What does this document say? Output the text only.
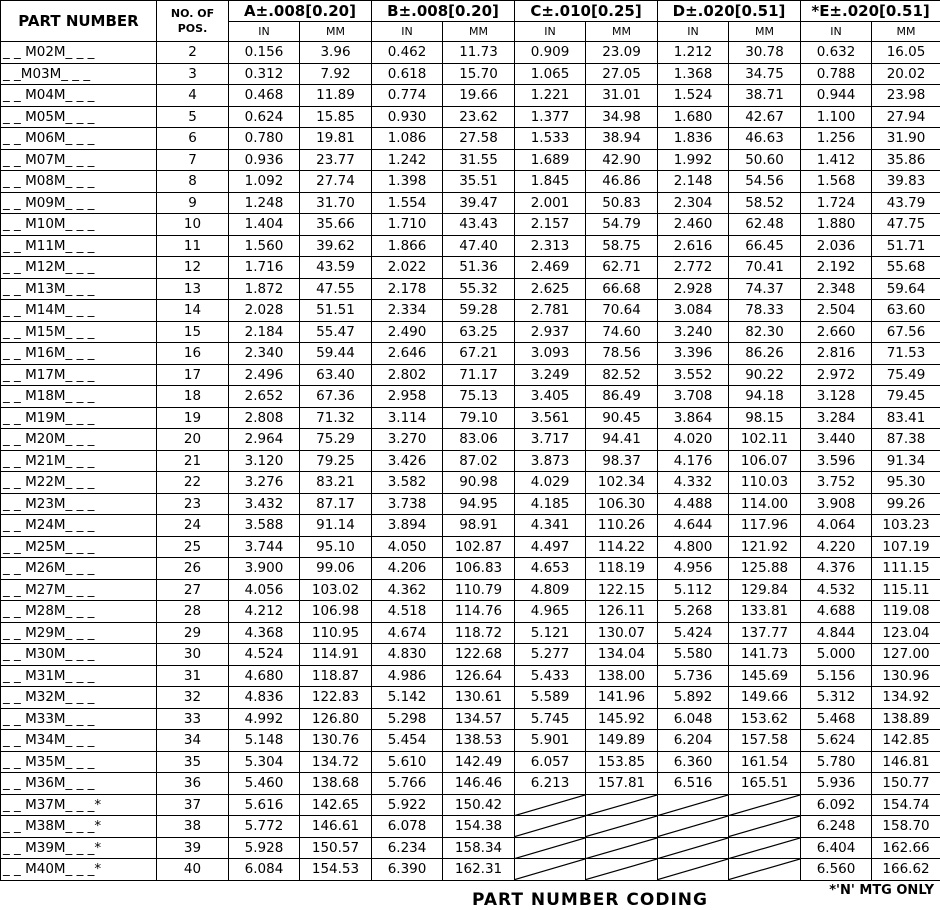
PART NUMBER	NO. OF
POS.	A±.008[0.20]		B±.008[0.20]		C±.010[0.25]		D±.020[0.51]		*E±.020[0.51]	
		IN	MM	IN	MM	IN	MM	IN	MM	IN	MM
_ _ M02M_ _ _	2	0.156	3.96	0.462	11.73	0.909	23.09	1.212	30.78	0.632	16.05
_ _M03M_ _ _	3	0.312	7.92	0.618	15.70	1.065	27.05	1.368	34.75	0.788	20.02
_ _ M04M_ _ _	4	0.468	11.89	0.774	19.66	1.221	31.01	1.524	38.71	0.944	23.98
_ _ M05M_ _ _	5	0.624	15.85	0.930	23.62	1.377	34.98	1.680	42.67	1.100	27.94
_ _ M06M_ _ _	6	0.780	19.81	1.086	27.58	1.533	38.94	1.836	46.63	1.256	31.90
_ _ M07M_ _ _	7	0.936	23.77	1.242	31.55	1.689	42.90	1.992	50.60	1.412	35.86
_ _ M08M_ _ _	8	1.092	27.74	1.398	35.51	1.845	46.86	2.148	54.56	1.568	39.83
_ _ M09M_ _ _	9	1.248	31.70	1.554	39.47	2.001	50.83	2.304	58.52	1.724	43.79
_ _ M10M_ _ _	10	1.404	35.66	1.710	43.43	2.157	54.79	2.460	62.48	1.880	47.75
_ _ M11M_ _ _	11	1.560	39.62	1.866	47.40	2.313	58.75	2.616	66.45	2.036	51.71
_ _ M12M_ _ _	12	1.716	43.59	2.022	51.36	2.469	62.71	2.772	70.41	2.192	55.68
_ _ M13M_ _ _	13	1.872	47.55	2.178	55.32	2.625	66.68	2.928	74.37	2.348	59.64
_ _ M14M_ _ _	14	2.028	51.51	2.334	59.28	2.781	70.64	3.084	78.33	2.504	63.60
_ _ M15M_ _ _	15	2.184	55.47	2.490	63.25	2.937	74.60	3.240	82.30	2.660	67.56
_ _ M16M_ _ _	16	2.340	59.44	2.646	67.21	3.093	78.56	3.396	86.26	2.816	71.53
_ _ M17M_ _ _	17	2.496	63.40	2.802	71.17	3.249	82.52	3.552	90.22	2.972	75.49
_ _ M18M_ _ _	18	2.652	67.36	2.958	75.13	3.405	86.49	3.708	94.18	3.128	79.45
_ _ M19M_ _ _	19	2.808	71.32	3.114	79.10	3.561	90.45	3.864	98.15	3.284	83.41
_ _ M20M_ _ _	20	2.964	75.29	3.270	83.06	3.717	94.41	4.020	102.11	3.440	87.38
_ _ M21M_ _ _	21	3.120	79.25	3.426	87.02	3.873	98.37	4.176	106.07	3.596	91.34
_ _ M22M_ _ _	22	3.276	83.21	3.582	90.98	4.029	102.34	4.332	110.03	3.752	95.30
_ _ M23M_ _ _	23	3.432	87.17	3.738	94.95	4.185	106.30	4.488	114.00	3.908	99.26
_ _ M24M_ _ _	24	3.588	91.14	3.894	98.91	4.341	110.26	4.644	117.96	4.064	103.23
_ _ M25M_ _ _	25	3.744	95.10	4.050	102.87	4.497	114.22	4.800	121.92	4.220	107.19
_ _ M26M_ _ _	26	3.900	99.06	4.206	106.83	4.653	118.19	4.956	125.88	4.376	111.15
_ _ M27M_ _ _	27	4.056	103.02	4.362	110.79	4.809	122.15	5.112	129.84	4.532	115.11
_ _ M28M_ _ _	28	4.212	106.98	4.518	114.76	4.965	126.11	5.268	133.81	4.688	119.08
_ _ M29M_ _ _	29	4.368	110.95	4.674	118.72	5.121	130.07	5.424	137.77	4.844	123.04
_ _ M30M_ _ _	30	4.524	114.91	4.830	122.68	5.277	134.04	5.580	141.73	5.000	127.00
_ _ M31M_ _ _	31	4.680	118.87	4.986	126.64	5.433	138.00	5.736	145.69	5.156	130.96
_ _ M32M_ _ _	32	4.836	122.83	5.142	130.61	5.589	141.96	5.892	149.66	5.312	134.92
_ _ M33M_ _ _	33	4.992	126.80	5.298	134.57	5.745	145.92	6.048	153.62	5.468	138.89
_ _ M34M_ _ _	34	5.148	130.76	5.454	138.53	5.901	149.89	6.204	157.58	5.624	142.85
_ _ M35M_ _ _	35	5.304	134.72	5.610	142.49	6.057	153.85	6.360	161.54	5.780	146.81
_ _ M36M_ _ _	36	5.460	138.68	5.766	146.46	6.213	157.81	6.516	165.51	5.936	150.77
_ _ M37M_ _ _*	37	5.616	142.65	5.922	150.42					6.092	154.74
_ _ M38M_ _ _*	38	5.772	146.61	6.078	154.38					6.248	158.70
_ _ M39M_ _ _*	39	5.928	150.57	6.234	158.34					6.404	162.66
_ _ M40M_ _ _*	40	6.084	154.53	6.390	162.31					6.560	166.62
*'N' MTG ONLY
PART NUMBER CODING
